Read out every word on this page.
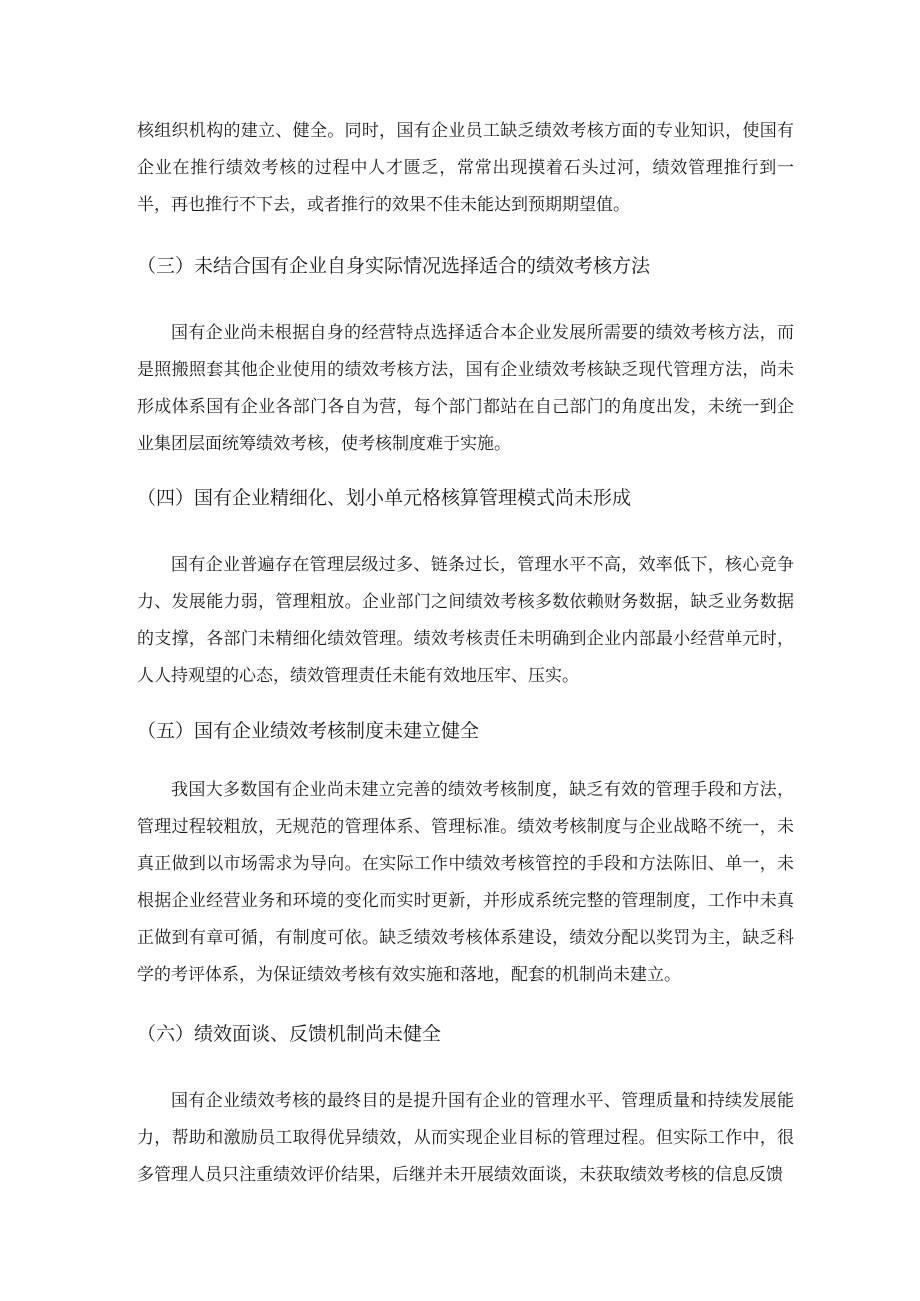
核组织机构的建立、健全。同时，国有企业员工缺乏绩效考核方面的专业知识，使国有企业在推行绩效考核的过程中人才匮乏，常常出现摸着石头过河，绩效管理推行到一半，再也推行不下去，或者推行的效果不佳未能达到预期期望值。

（三）未结合国有企业自身实际情况选择适合的绩效考核方法

国有企业尚未根据自身的经营特点选择适合本企业发展所需要的绩效考核方法，而是照搬照套其他企业使用的绩效考核方法，国有企业绩效考核缺乏现代管理方法，尚未形成体系国有企业各部门各自为营，每个部门都站在自己部门的角度出发，未统一到企业集团层面统筹绩效考核，使考核制度难于实施。

（四）国有企业精细化、划小单元格核算管理模式尚未形成

国有企业普遍存在管理层级过多、链条过长，管理水平不高，效率低下，核心竞争力、发展能力弱，管理粗放。企业部门之间绩效考核多数依赖财务数据，缺乏业务数据的支撑，各部门未精细化绩效管理。绩效考核责任未明确到企业内部最小经营单元时，人人持观望的心态，绩效管理责任未能有效地压牢、压实。

（五）国有企业绩效考核制度未建立健全

我国大多数国有企业尚未建立完善的绩效考核制度，缺乏有效的管理手段和方法，管理过程较粗放，无规范的管理体系、管理标准。绩效考核制度与企业战略不统一，未真正做到以市场需求为导向。在实际工作中绩效考核管控的手段和方法陈旧、单一，未根据企业经营业务和环境的变化而实时更新，并形成系统完整的管理制度，工作中未真正做到有章可循，有制度可依。缺乏绩效考核体系建设，绩效分配以奖罚为主，缺乏科学的考评体系，为保证绩效考核有效实施和落地，配套的机制尚未建立。

（六）绩效面谈、反馈机制尚未健全

国有企业绩效考核的最终目的是提升国有企业的管理水平、管理质量和持续发展能力，帮助和激励员工取得优异绩效，从而实现企业目标的管理过程。但实际工作中，很多管理人员只注重绩效评价结果，后继并未开展绩效面谈，未获取绩效考核的信息反馈
